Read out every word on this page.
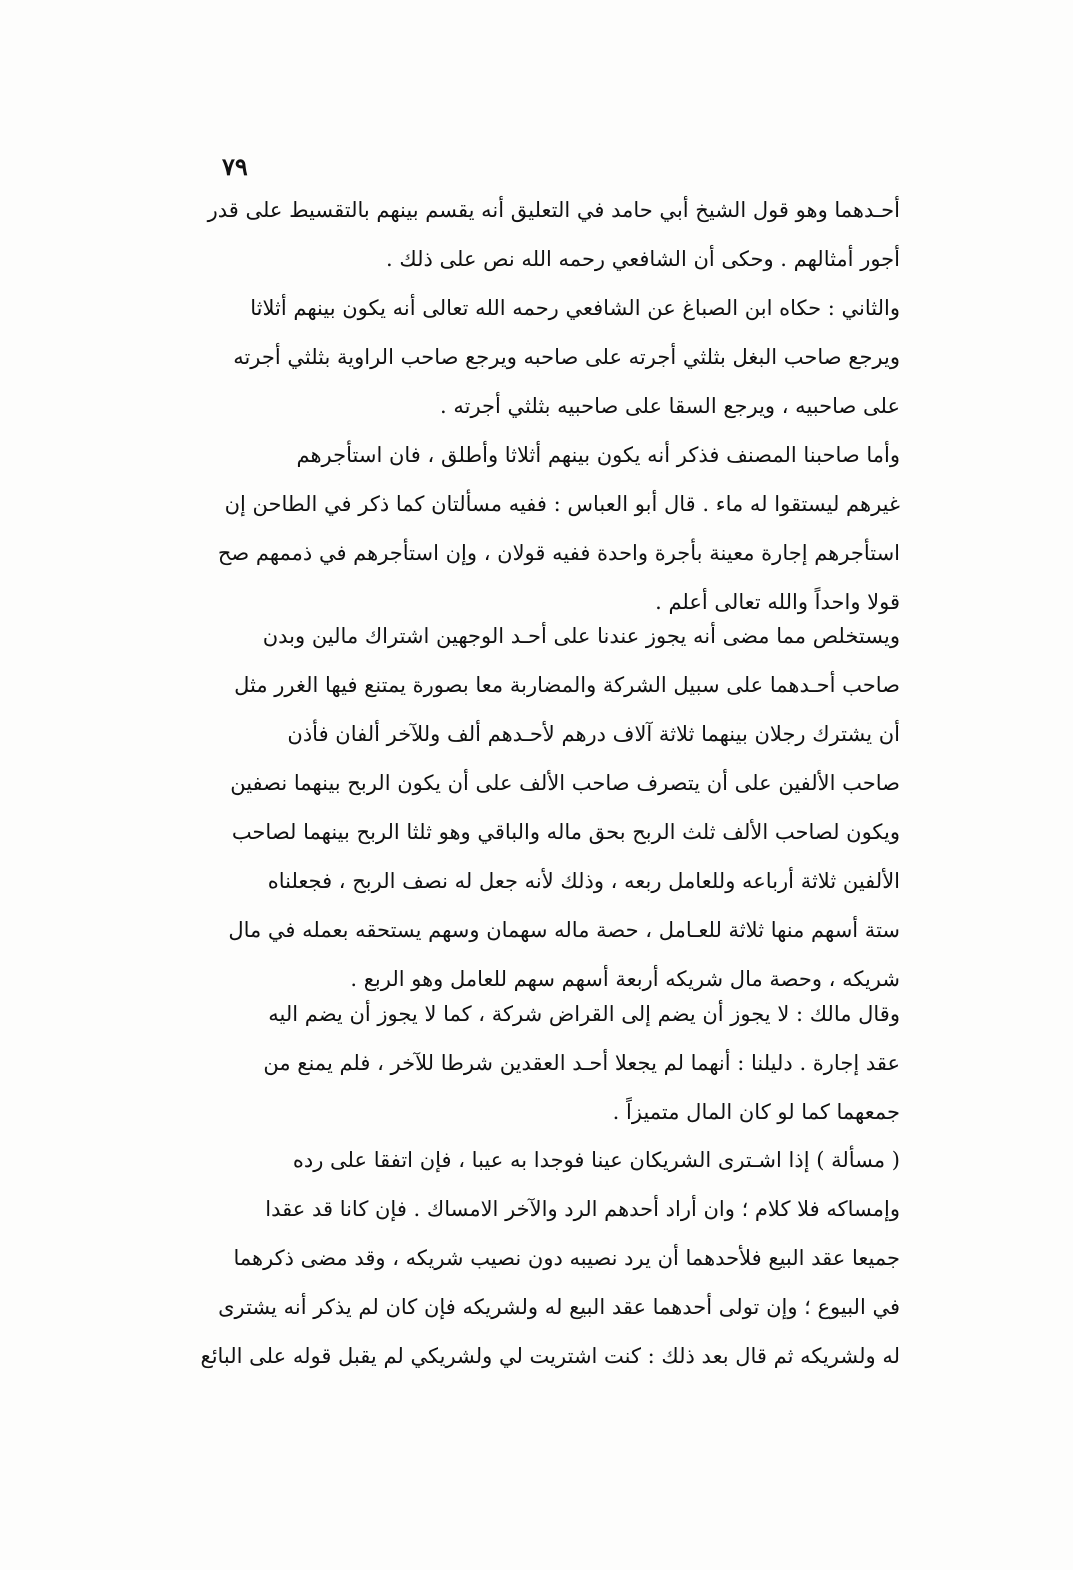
٧٩
أحـدهما وهو قول الشيخ أبي حامد في التعليق أنه يقسم بينهم بالتقسيط على قدر
أجور أمثالهم . وحكى أن الشافعي رحمه الله نص على ذلك .
والثاني : حكاه ابن الصباغ عن الشافعي رحمه الله تعالى أنه يكون بينهم أثلاثا
ويرجع صاحب البغل بثلثي أجرته على صاحبه ويرجع صاحب الراوية بثلثي أجرته
على صاحبيه ، ويرجع السقا على صاحبيه بثلثي أجرته .
وأما صاحبنا المصنف فذكر أنه يكون بينهم أثلاثا وأطلق ، فان استأجرهم
غيرهم ليستقوا له ماء . قال أبو العباس : ففيه مسألتان كما ذكر في الطاحن إن
استأجرهم إجارة معينة بأجرة واحدة ففيه قولان ، وإن استأجرهم في ذممهم صح
قولا واحداً والله تعالى أعلم .
ويستخلص مما مضى أنه يجوز عندنا على أحـد الوجهين اشتراك مالين وبدن
صاحب أحـدهما على سبيل الشركة والمضاربة معا بصورة يمتنع فيها الغرر مثل
أن يشترك رجلان بينهما ثلاثة آلاف درهم لأحـدهم ألف وللآخر ألفان فأذن
صاحب الألفين على أن يتصرف صاحب الألف على أن يكون الربح بينهما نصفين
ويكون لصاحب الألف ثلث الربح بحق ماله والباقي وهو ثلثا الربح بينهما لصاحب
الألفين ثلاثة أرباعه وللعامل ربعه ، وذلك لأنه جعل له نصف الربح ، فجعلناه
ستة أسهم منها ثلاثة للعـامل ، حصة ماله سهمان وسهم يستحقه بعمله في مال
شريكه ، وحصة مال شريكه أربعة أسهم سهم للعامل وهو الربع .
وقال مالك : لا يجوز أن يضم إلى القراض شركة ، كما لا يجوز أن يضم اليه
عقد إجارة . دليلنا : أنهما لم يجعلا أحـد العقدين شرطا للآخر ، فلم يمنع من
جمعهما كما لو كان المال متميزاً .
( مسألة ) إذا اشـترى الشريكان عينا فوجدا به عيبا ، فإن اتفقا على رده
وإمساكه فلا كلام ؛ وان أراد أحدهم الرد والآخر الامساك . فإن كانا قد عقدا
جميعا عقد البيع فلأحدهما أن يرد نصيبه دون نصيب شريكه ، وقد مضى ذكرهما
في البيوع ؛ وإن تولى أحدهما عقد البيع له ولشريكه فإن كان لم يذكر أنه يشترى
له ولشريكه ثم قال بعد ذلك : كنت اشتريت لي ولشريكي لم يقبل قوله على البائع
